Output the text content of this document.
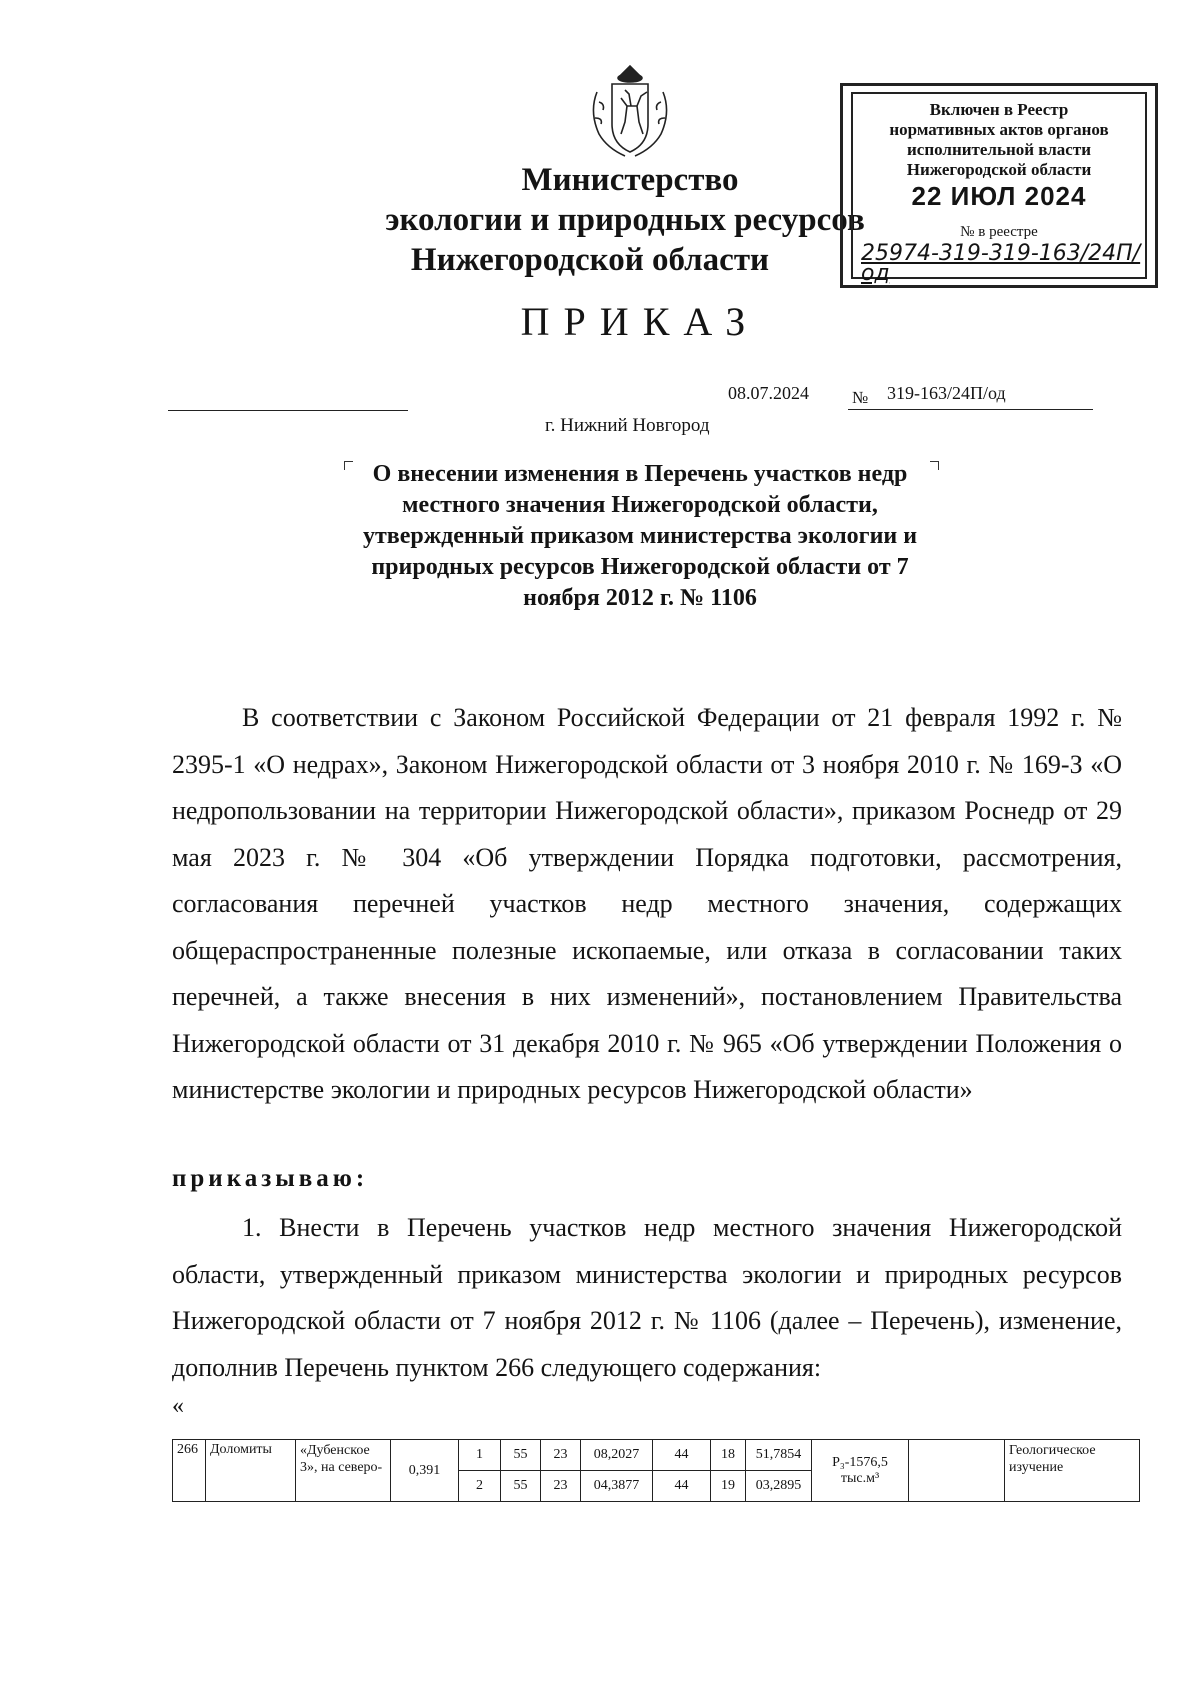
Министерство
экологии и природных ресурсов
Нижегородской области
ПРИКАЗ
Включен в Реестр
нормативных актов органов
исполнительной власти
Нижегородской области
22 ИЮЛ 2024
№ в реестре
25974-319-319-163/24П/од
08.07.2024	№ 319-163/24П/од
г. Нижний Новгород
О внесении изменения в Перечень участков недр местного значения Нижегородской области, утвержденный приказом министерства экологии и природных ресурсов Нижегородской области от 7 ноября 2012 г. № 1106
В соответствии с Законом Российской Федерации от 21 февраля 1992 г. № 2395-1 «О недрах», Законом Нижегородской области от 3 ноября 2010 г. № 169-З «О недропользовании на территории Нижегородской области», приказом Роснедр от 29 мая 2023 г. № 304 «Об утверждении Порядка подготовки, рассмотрения, согласования перечней участков недр местного значения, содержащих общераспространенные полезные ископаемые, или отказа в согласовании таких перечней, а также внесения в них изменений», постановлением Правительства Нижегородской области от 31 декабря 2010 г. № 965 «Об утверждении Положения о министерстве экологии и природных ресурсов Нижегородской области»
приказываю:
1. Внести в Перечень участков недр местного значения Нижегородской области, утвержденный приказом министерства экологии и природных ресурсов Нижегородской области от 7 ноября 2012 г. № 1106 (далее – Перечень), изменение, дополнив Перечень пунктом 266 следующего содержания:
«
266	Доломиты	«Дубенское 3», на северо-	0,391	1	55	23	08,2027	44	18	51,7854	P₃-1576,5 тыс.м³		Геологическое изучение
				2	55	23	04,3877	44	19	03,2895			
